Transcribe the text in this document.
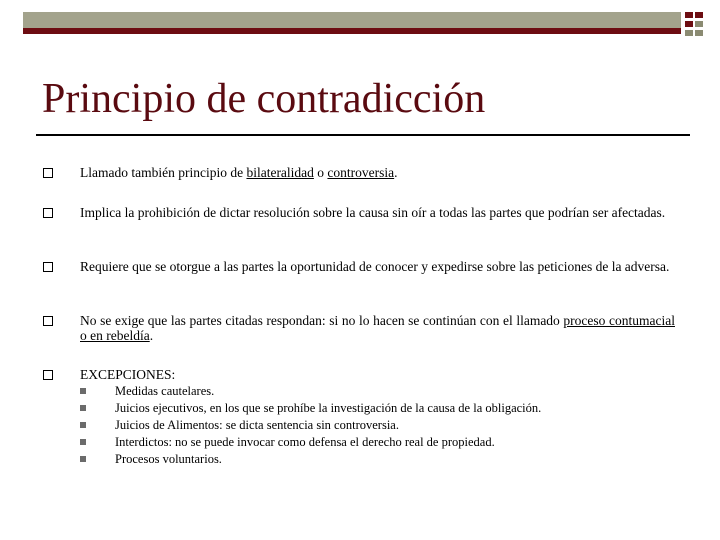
Principio de contradicción
Llamado también principio de bilateralidad o controversia.
Implica la prohibición de dictar resolución sobre la causa sin oír a todas las partes que podrían ser afectadas.
Requiere que se otorgue a las partes la oportunidad de conocer y expedirse sobre las peticiones de la adversa.
No se exige que las partes citadas respondan: si no lo hacen se continúan con el llamado proceso contumacial o en rebeldía.
EXCEPCIONES:
Medidas cautelares.
Juicios ejecutivos, en los que se prohíbe la investigación de la causa de la obligación.
Juicios de Alimentos: se dicta sentencia sin controversia.
Interdictos: no se puede invocar como defensa el derecho real de propiedad.
Procesos voluntarios.
